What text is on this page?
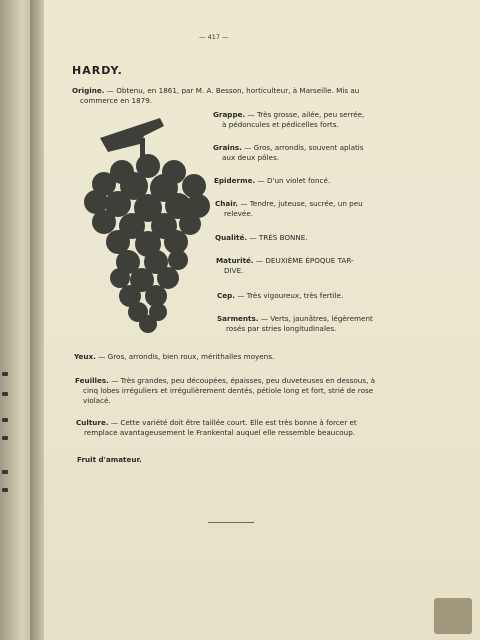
— 417 —
HARDY.
Origine. — Obtenu, en 1861, par M. A. Besson, horticulteur, à Marseille. Mis au
commerce en 1879.
Grappe. — Très grosse, ailée, peu serrée,
à pédoncules et pédicelles forts.
Grains. — Gros, arrondis, souvent aplatis
aux deux pôles.
Epiderme. — D'un violet foncé.
Chair. — Tendre, juteuse, sucrée, un peu
relevée.
Qualité. — TRÈS BONNE.
Maturité. — DEUXIÈME ÉPOQUE TAR-
DIVE.
Cep. — Très vigoureux, très fertile.
Sarments. — Verts, jaunâtres, légèrement
rosés par stries longitudinales.
Yeux. — Gros, arrondis, bien roux, mérithalles moyens.
Feuilles. — Très grandes, peu découpées, épaisses, peu duveteuses en dessous, à
cinq lobes irréguliers et irrégulièrement dentés, pétiole long et fort, strié de rose
violacé.
Culture. — Cette variété doit être taillée court. Elle est très bonne à forcer et
remplace avantageusement le Frankental auquel elle ressemble beaucoup.
Fruit d'amateur.
